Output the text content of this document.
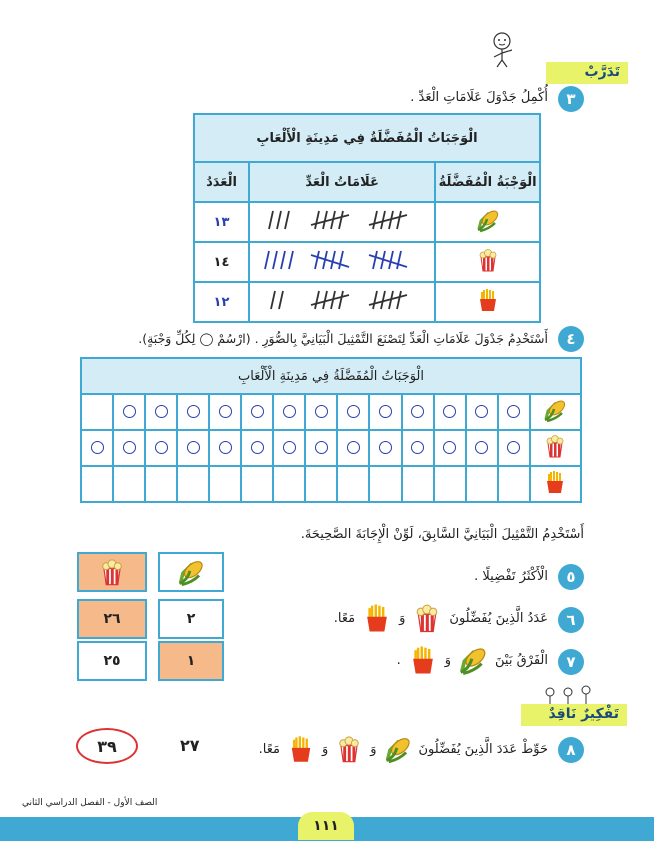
تَدَرَّبْ
٣
أُكْمِلُ جَدْوَلَ عَلَامَاتِ الْعَدِّ .
الْوَجَبَاتُ الْمُفَضَّلَةُ فِي مَدِينَةِ الْأَلْعَابِ		
الْوَجْبَةُ الْمُفَضَّلَةُ	عَلَامَاتُ الْعَدِّ	الْعَدَدُ
		١٣
		١٤
		١٢
٤
أَسْتَخْدِمُ جَدْوَلَ عَلَامَاتِ الْعَدِّ لِتَصْنَعَ التَّمْثِيلَ الْبَيَانِيَّ بِالصُّوَرِ . (ارْسُمْ ◯ لِكُلِّ وَجْبَةٍ).
الْوَجَبَاتُ الْمُفَضَّلَةُ فِي مَدِينَةِ الْأَلْعَابِ														

أَسْتَخْدِمُ التَّمْثِيلَ الْبَيَانِيَّ السَّابِقَ، لَوِّنْ الْإِجَابَةَ الصَّحِيحَةَ.
٥
الْأَكْثَرُ تَفْضِيلًا .
٢٦	٢	٦
عَدَدُ الَّذِينَ يُفَضِّلُونَ
وَ
مَعًا.
٢٥	١	٧
الْفَرْقُ بَيْنَ
وَ
.
تَفْكِيرٌ نَاقِدٌ
٨
حَوِّطْ عَدَدَ الَّذِينَ يُفَضِّلُونَ
وَ
وَ
مَعًا.
٢٧
٣٩
١١١
الصف الأول - الفصل الدراسي الثاني
